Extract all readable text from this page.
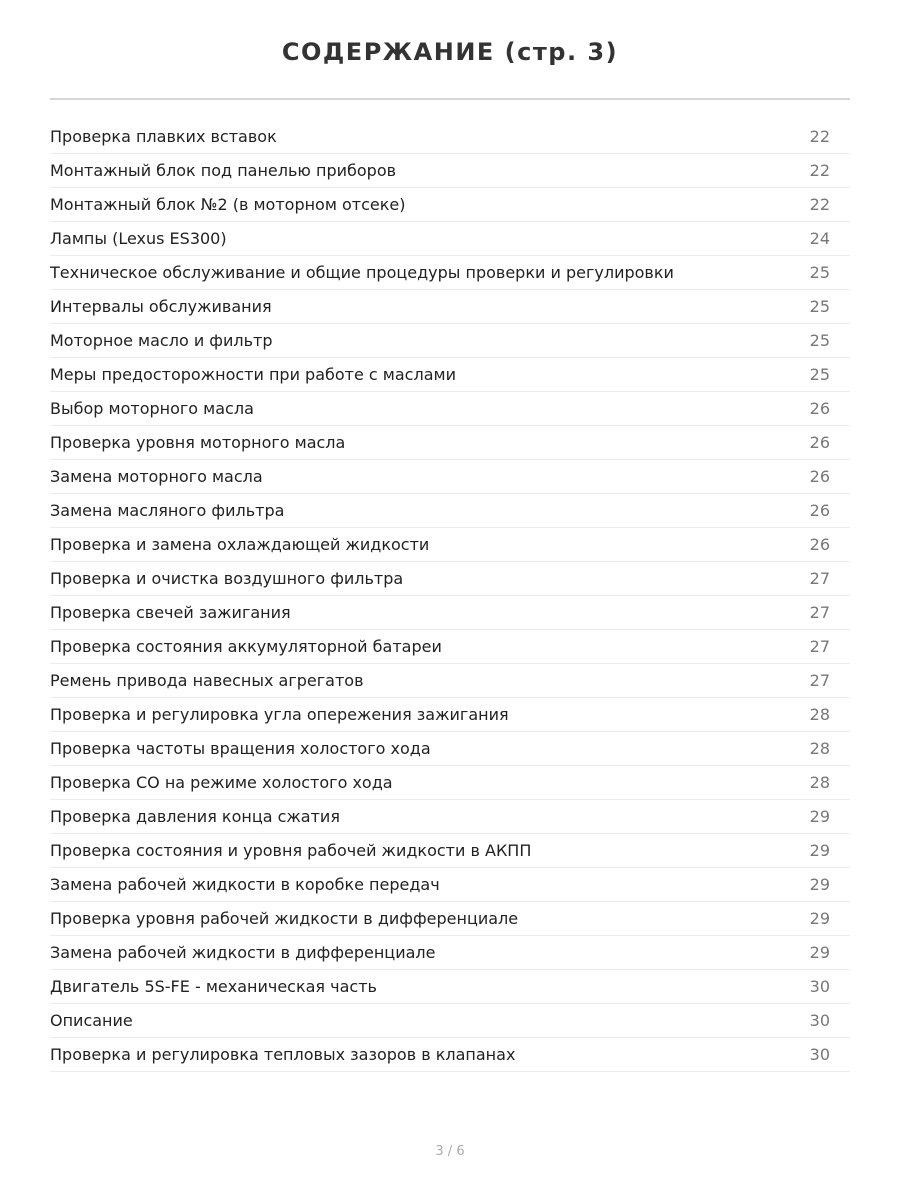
СОДЕРЖАНИЕ (стр. 3)
Проверка плавких вставок	22
Монтажный блок под панелью приборов	22
Монтажный блок №2 (в моторном отсеке)	22
Лампы (Lexus ES300)	24
Техническое обслуживание и общие процедуры проверки и регулировки	25
Интервалы обслуживания	25
Моторное масло и фильтр	25
Меры предосторожности при работе с маслами	25
Выбор моторного масла	26
Проверка уровня моторного масла	26
Замена моторного масла	26
Замена масляного фильтра	26
Проверка и замена охлаждающей жидкости	26
Проверка и очистка воздушного фильтра	27
Проверка свечей зажигания	27
Проверка состояния аккумуляторной батареи	27
Ремень привода навесных агрегатов	27
Проверка и регулировка угла опережения зажигания	28
Проверка частоты вращения холостого хода	28
Проверка CO на режиме холостого хода	28
Проверка давления конца сжатия	29
Проверка состояния и уровня рабочей жидкости в АКПП	29
Замена рабочей жидкости в коробке передач	29
Проверка уровня рабочей жидкости в дифференциале	29
Замена рабочей жидкости в дифференциале	29
Двигатель 5S-FE - механическая часть	30
Описание	30
Проверка и регулировка тепловых зазоров в клапанах	30
3 / 6
